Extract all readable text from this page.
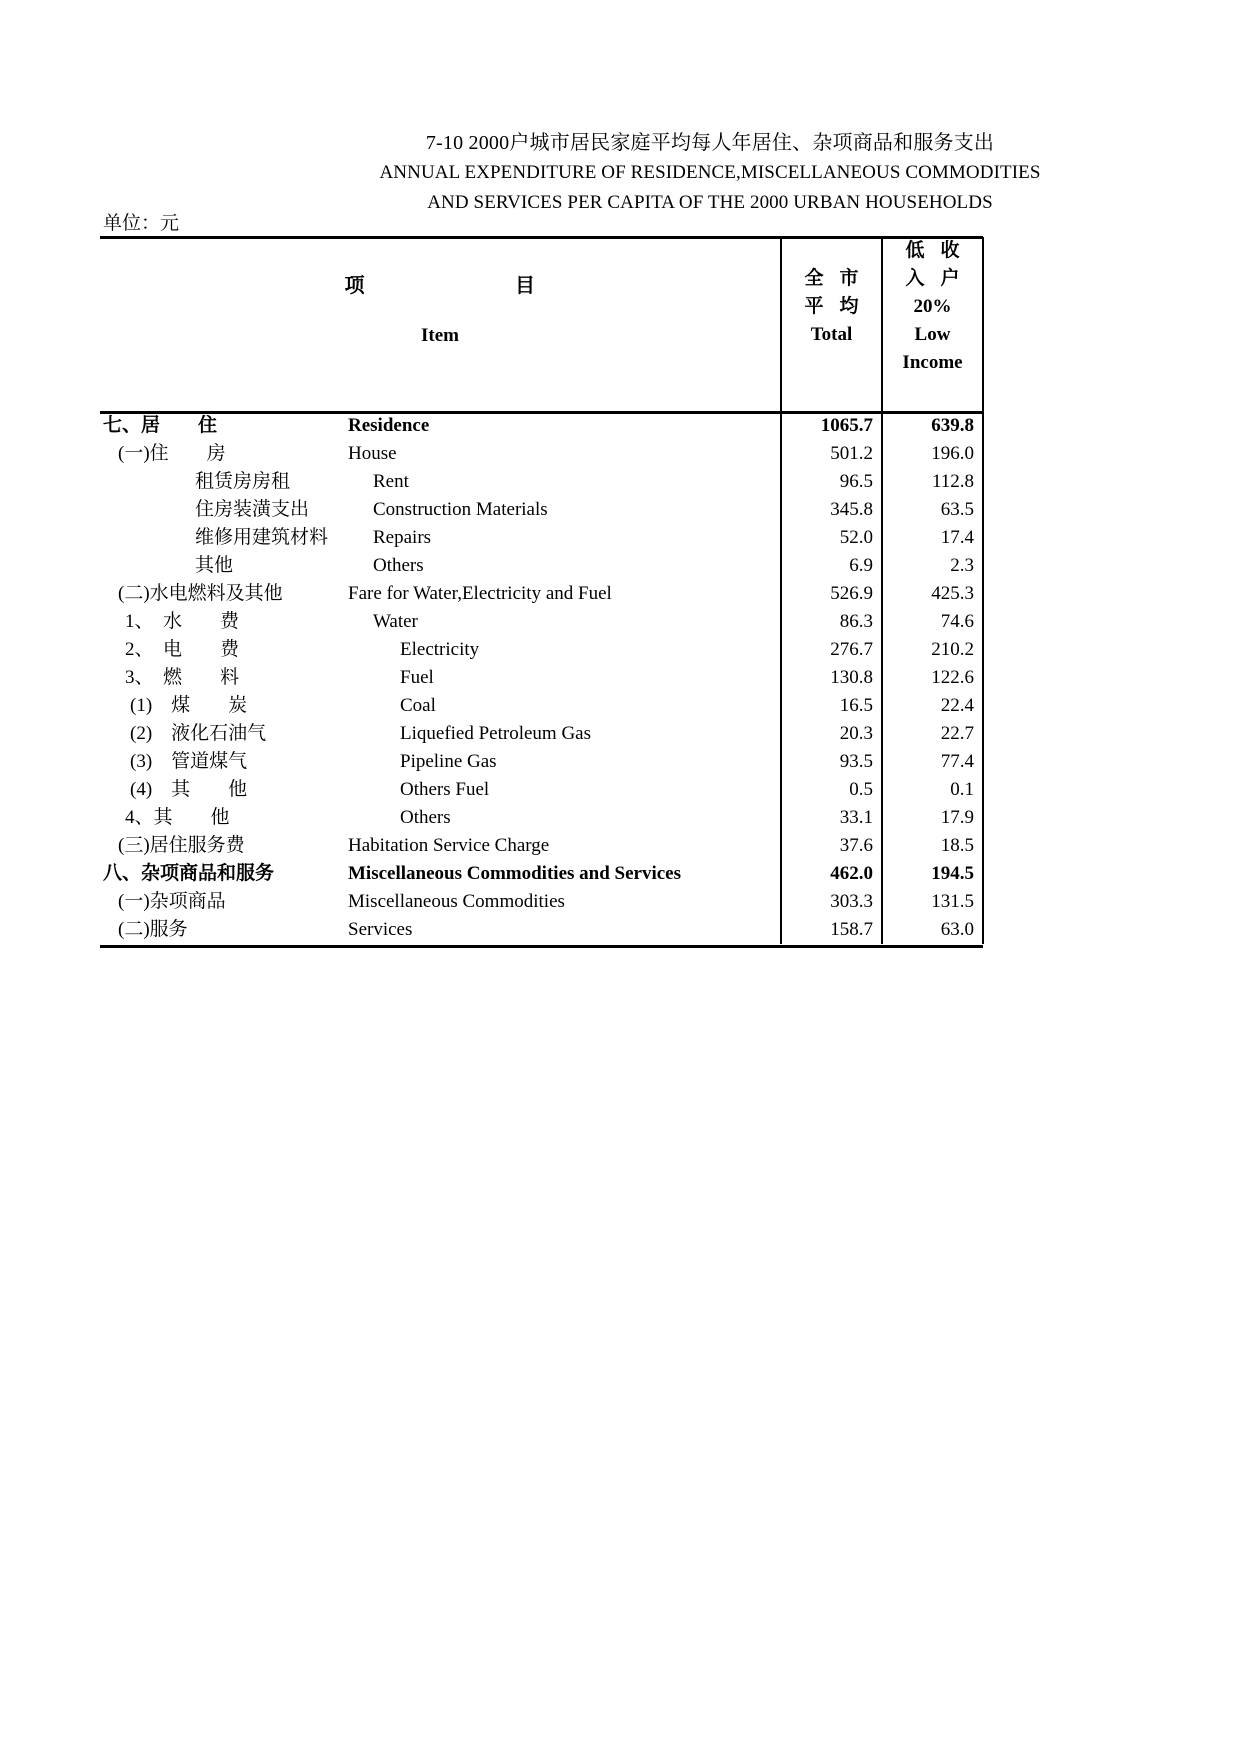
7-10 2000户城市居民家庭平均每人年居住、杂项商品和服务支出
ANNUAL EXPENDITURE OF RESIDENCE,MISCELLANEOUS COMMODITIES
AND SERVICES PER CAPITA OF THE 2000 URBAN HOUSEHOLDS
单位：元
项	目
Item

全 市
平 均
Total

低 收
入 户
20%
Low
Income

七、居　　住 Residence	1065.7	639.8
(一)住　　房 House	501.2	196.0
租赁房房租 Rent	96.5	112.8
住房装潢支出 Construction Materials	345.8	63.5
维修用建筑材料 Repairs	52.0	17.4
其他 Others	6.9	2.3
(二)水电燃料及其他 Fare for Water,Electricity and Fuel	526.9	425.3
1、　水　　费 Water	86.3	74.6
2、　电　　费 Electricity	276.7	210.2
3、　燃　　料 Fuel	130.8	122.6
(1)　煤　　炭 Coal	16.5	22.4
(2)　液化石油气 Liquefied Petroleum Gas	20.3	22.7
(3)　管道煤气 Pipeline Gas	93.5	77.4
(4)　其　　他 Others Fuel	0.5	0.1
4、其　　他 Others	33.1	17.9
(三)居住服务费 Habitation Service Charge	37.6	18.5
八、杂项商品和服务 Miscellaneous Commodities and Services	462.0	194.5
(一)杂项商品 Miscellaneous Commodities	303.3	131.5
(二)服务 Services	158.7	63.0
